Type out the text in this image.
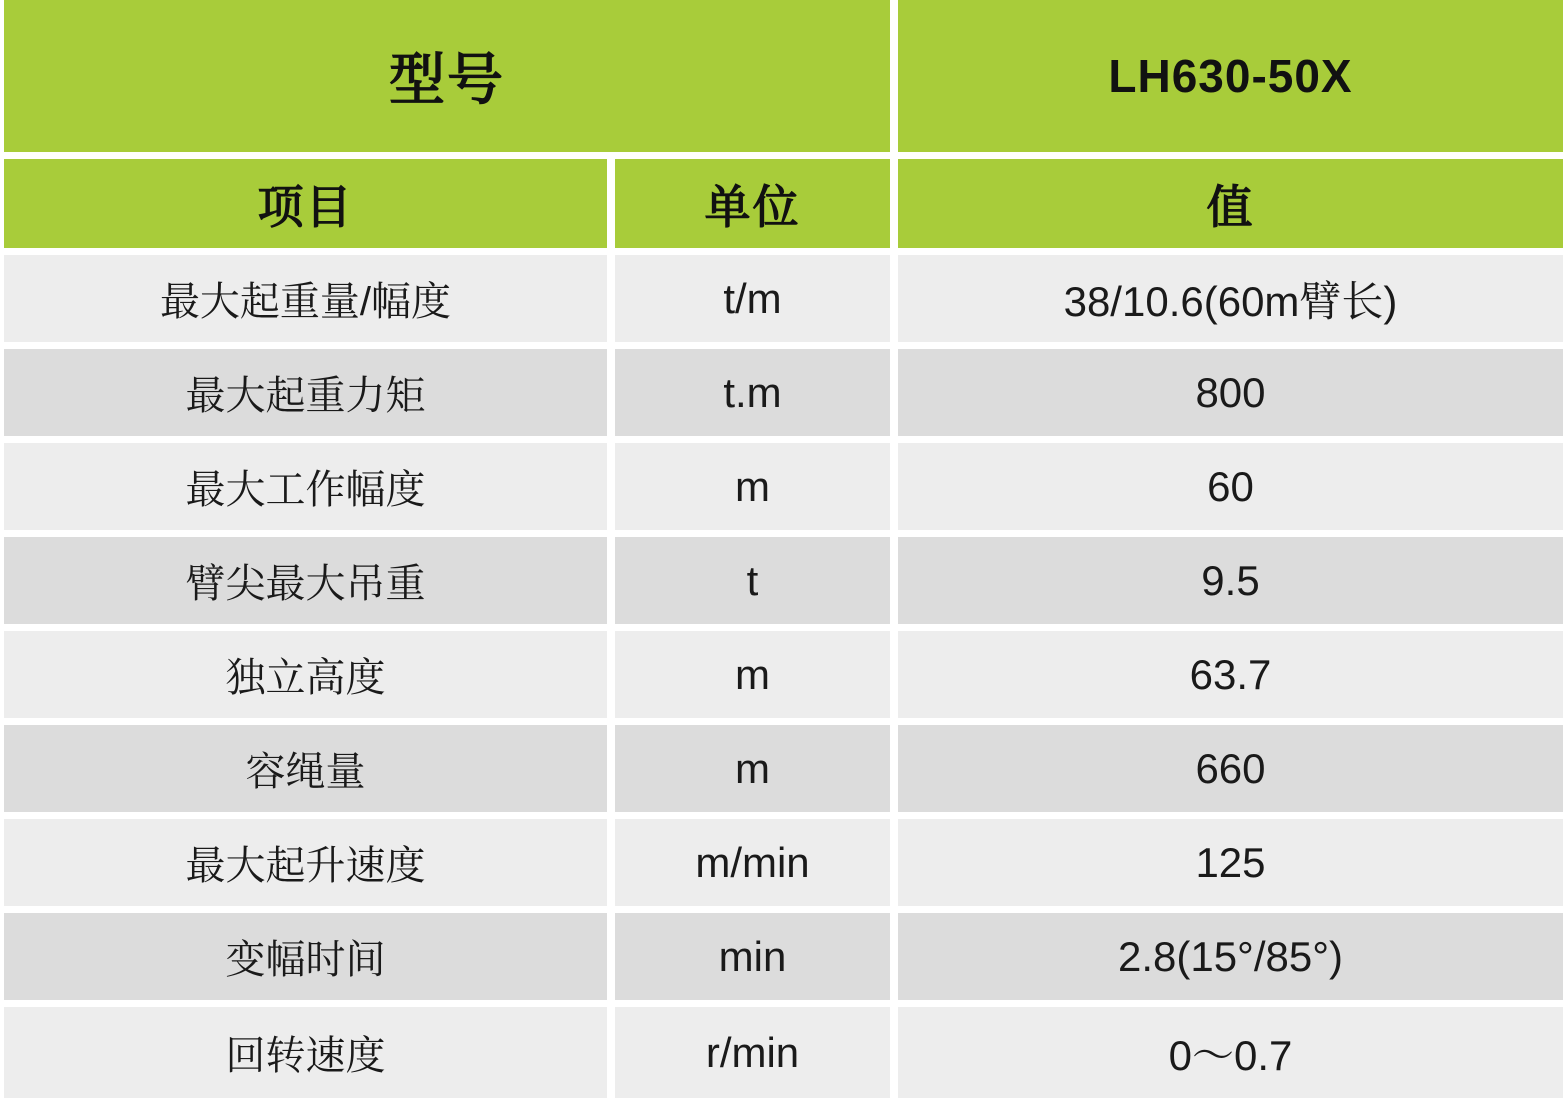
型号	LH630-50X
项目	单位	值
最大起重量/幅度	t/m	38/10.6(60m臂长)
最大起重力矩	t.m	800
最大工作幅度	m	60
臂尖最大吊重	t	9.5
独立高度	m	63.7
容绳量	m	660
最大起升速度	m/min	125
变幅时间	min	2.8(15°/85°)
回转速度	r/min	0～0.7
